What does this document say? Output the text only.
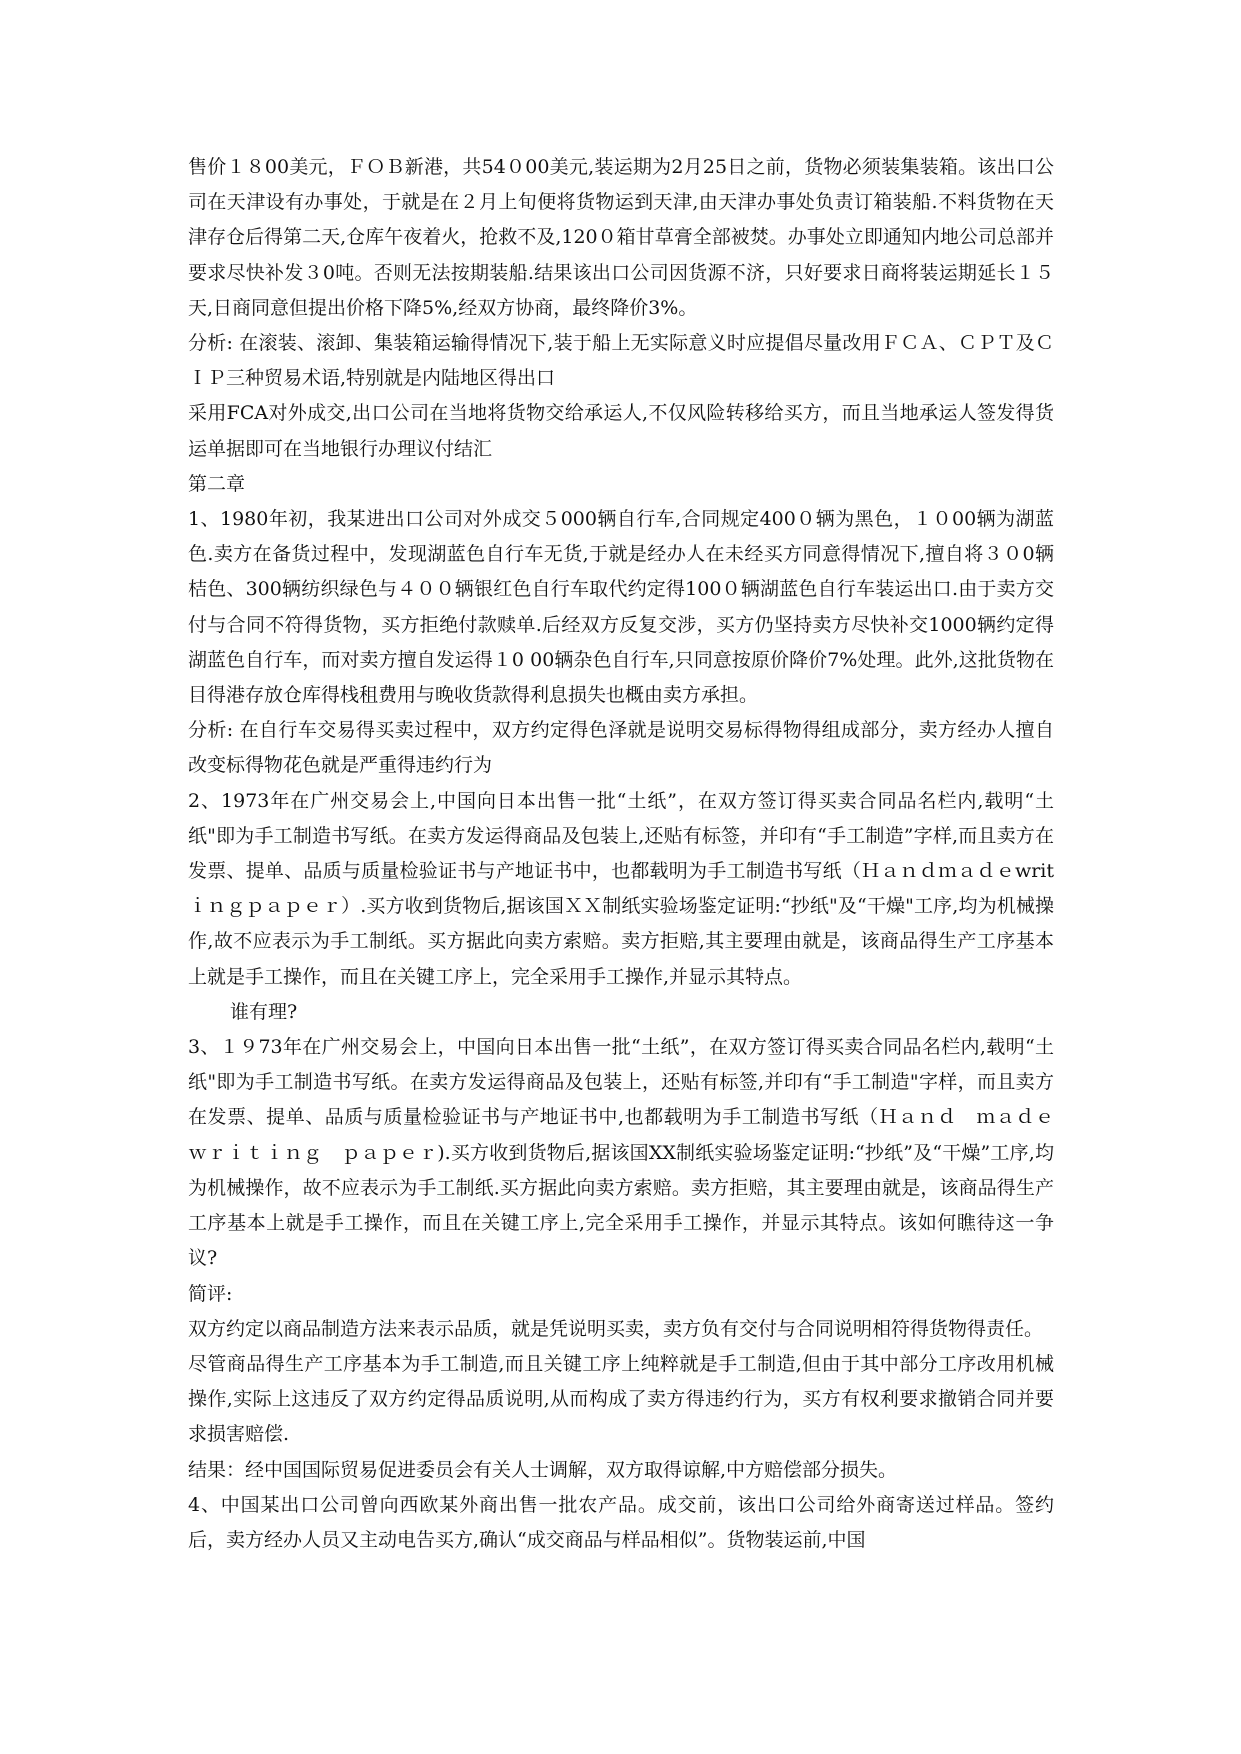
售价１８00美元，ＦＯＢ新港，共54０00美元,装运期为2月25日之前，货物必须装集装箱。该出口公司在天津设有办事处，于就是在２月上旬便将货物运到天津,由天津办事处负责订箱装船.不料货物在天津存仓后得第二天,仓库午夜着火，抢救不及,120０箱甘草膏全部被焚。办事处立即通知内地公司总部并要求尽快补发３0吨。否则无法按期装船.结果该出口公司因货源不济，只好要求日商将装运期延长１５天,日商同意但提出价格下降5%,经双方协商，最终降价3%。

分析: 在滚装、滚卸、集装箱运输得情况下,装于船上无实际意义时应提倡尽量改用ＦＣＡ、ＣＰＴ及ＣＩＰ三种贸易术语,特别就是内陆地区得出口

采用FCA对外成交,出口公司在当地将货物交给承运人,不仅风险转移给买方，而且当地承运人签发得货运单据即可在当地银行办理议付结汇

第二章

1、1980年初，我某进出口公司对外成交５000辆自行车,合同规定400０辆为黑色，１０00辆为湖蓝色.卖方在备货过程中，发现湖蓝色自行车无货,于就是经办人在未经买方同意得情况下,擅自将３０0辆桔色、300辆纺织绿色与４００辆银红色自行车取代约定得100０辆湖蓝色自行车装运出口.由于卖方交付与合同不符得货物，买方拒绝付款赎单.后经双方反复交涉，买方仍坚持卖方尽快补交1000辆约定得湖蓝色自行车，而对卖方擅自发运得１0 00辆杂色自行车,只同意按原价降价7%处理。此外,这批货物在目得港存放仓库得栈租费用与晚收货款得利息损失也概由卖方承担。

分析: 在自行车交易得买卖过程中，双方约定得色泽就是说明交易标得物得组成部分，卖方经办人擅自改变标得物花色就是严重得违约行为

2、1973年在广州交易会上,中国向日本出售一批“土纸”，在双方签订得买卖合同品名栏内,载明“土纸"即为手工制造书写纸。在卖方发运得商品及包装上,还贴有标签，并印有“手工制造”字样,而且卖方在发票、提单、品质与质量检验证书与产地证书中，也都载明为手工制造书写纸（Ｈａｎｄｍａｄｅwritｉｎｇｐａｐｅｒ）.买方收到货物后,据该国ＸＸ制纸实验场鉴定证明:“抄纸"及“干燥"工序,均为机械操作,故不应表示为手工制纸。买方据此向卖方索赔。卖方拒赔,其主要理由就是，该商品得生产工序基本上就是手工操作，而且在关键工序上，完全采用手工操作,并显示其特点。

谁有理?

3、１９73年在广州交易会上，中国向日本出售一批“土纸”，在双方签订得买卖合同品名栏内,载明“土纸"即为手工制造书写纸。在卖方发运得商品及包装上，还贴有标签,并印有“手工制造"字样，而且卖方在发票、提单、品质与质量检验证书与产地证书中,也都载明为手工制造书写纸（Ｈａｎｄ　ｍａｄｅ　ｗｒｉｔｉｎｇ　ｐａｐｅｒ).买方收到货物后,据该国XX制纸实验场鉴定证明:“抄纸”及“干燥”工序,均为机械操作，故不应表示为手工制纸.买方据此向卖方索赔。卖方拒赔，其主要理由就是，该商品得生产工序基本上就是手工操作，而且在关键工序上,完全采用手工操作，并显示其特点。该如何瞧待这一争议?

简评:

双方约定以商品制造方法来表示品质，就是凭说明买卖，卖方负有交付与合同说明相符得货物得责任。

尽管商品得生产工序基本为手工制造,而且关键工序上纯粹就是手工制造,但由于其中部分工序改用机械操作,实际上这违反了双方约定得品质说明,从而构成了卖方得违约行为，买方有权利要求撤销合同并要求损害赔偿.

结果：经中国国际贸易促进委员会有关人士调解，双方取得谅解,中方赔偿部分损失。

4、中国某出口公司曾向西欧某外商出售一批农产品。成交前，该出口公司给外商寄送过样品。签约后，卖方经办人员又主动电告买方,确认“成交商品与样品相似”。货物装运前,中国
